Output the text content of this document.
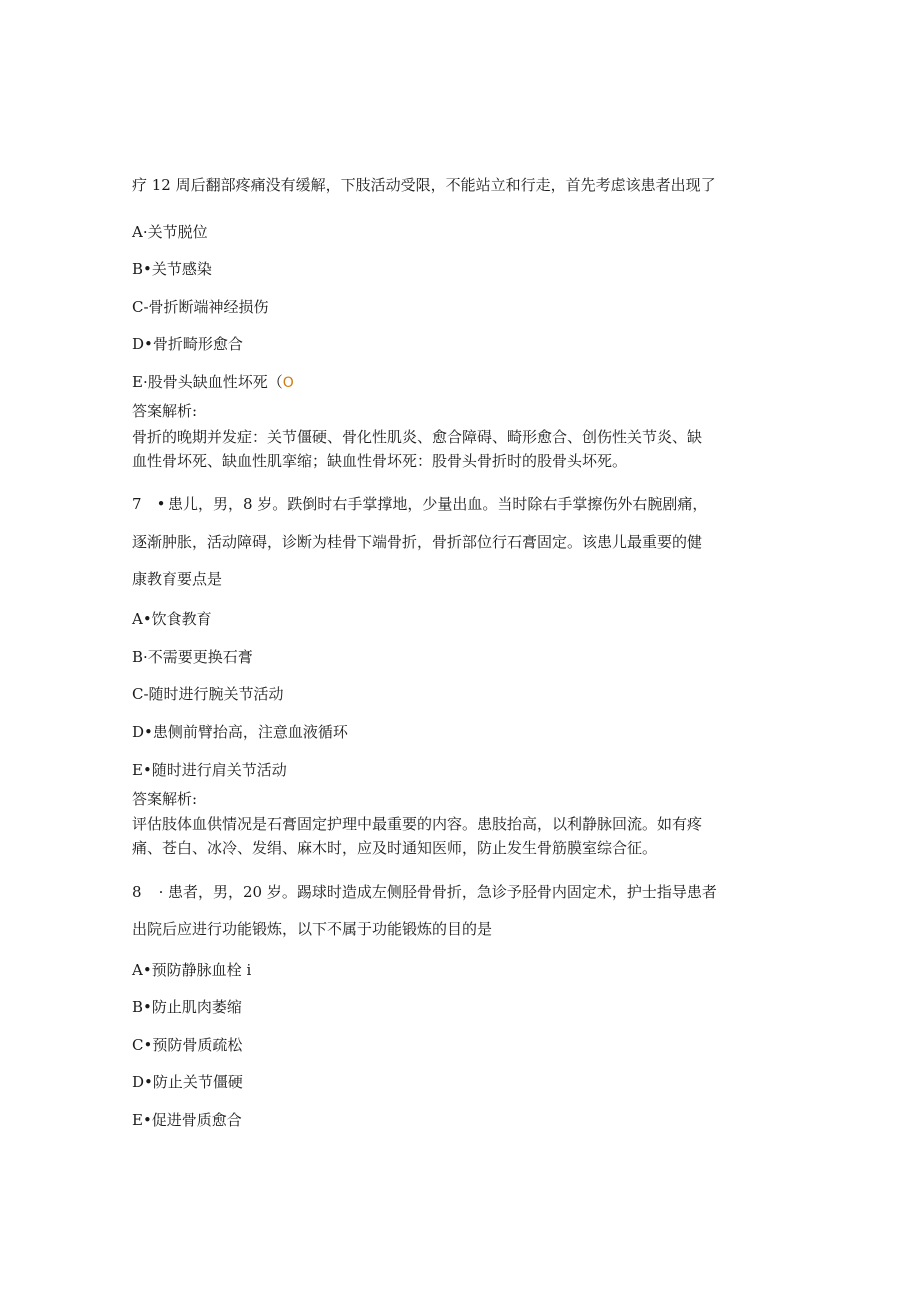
疗 12 周后翻部疼痛没有缓解，下肢活动受限，不能站立和行走，首先考虑该患者出现了
A·关节脱位
B•关节感染
C-骨折断端神经损伤
D•骨折畸形愈合
E·股骨头缺血性坏死（O
答案解析:
骨折的晚期并发症：关节僵硬、骨化性肌炎、愈合障碍、畸形愈合、创伤性关节炎、缺
血性骨坏死、缺血性肌挛缩；缺血性骨坏死：股骨头骨折时的股骨头坏死。
7 • 患儿，男，8 岁。跌倒时右手掌撑地，少量出血。当时除右手掌擦伤外右腕剧痛，
逐渐肿胀，活动障碍，诊断为桂骨下端骨折，骨折部位行石膏固定。该患儿最重要的健
康教育要点是
A•饮食教育
B·不需要更换石膏
C-随时进行腕关节活动
D•患侧前臂抬高，注意血液循环
E•随时进行肩关节活动
答案解析:
评估肢体血供情况是石膏固定护理中最重要的内容。患肢抬高，以利静脉回流。如有疼
痛、苍白、冰冷、发绢、麻木时，应及时通知医师，防止发生骨筋膜室综合征。
8 · 患者，男，20 岁。踢球时造成左侧胫骨骨折，急诊予胫骨内固定术，护士指导患者
出院后应进行功能锻炼，以下不属于功能锻炼的目的是
A•预防静脉血栓 i
B•防止肌肉萎缩
C•预防骨质疏松
D•防止关节僵硬
E•促进骨质愈合
